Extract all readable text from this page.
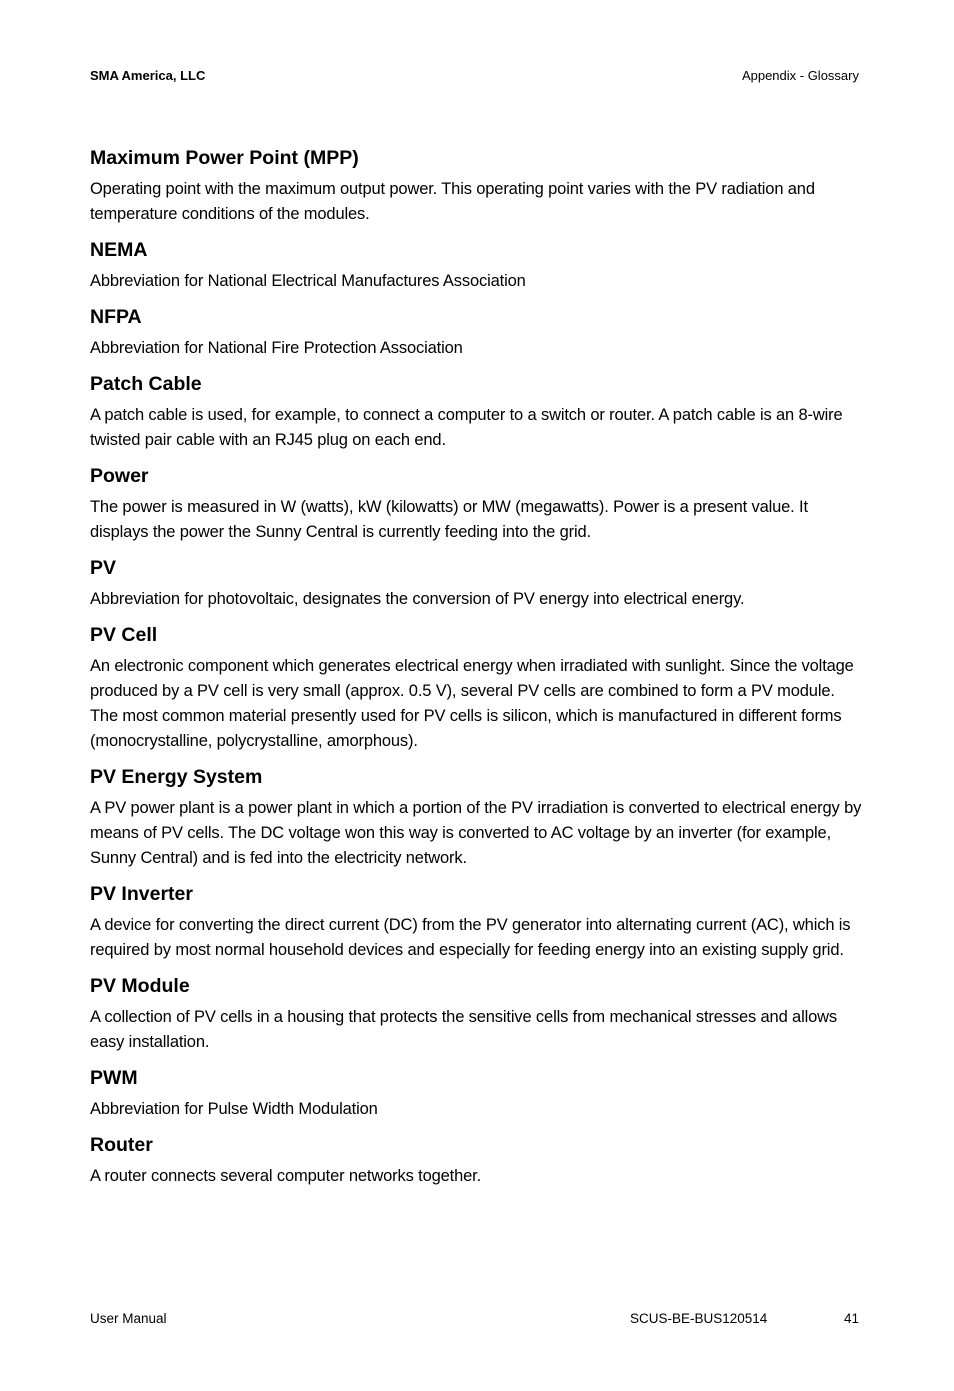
SMA America, LLC	Appendix - Glossary
Maximum Power Point (MPP)

Operating point with the maximum output power. This operating point varies with the PV radiation and temperature conditions of the modules.

NEMA

Abbreviation for National Electrical Manufactures Association

NFPA

Abbreviation for National Fire Protection Association

Patch Cable

A patch cable is used, for example, to connect a computer to a switch or router. A patch cable is an 8-wire twisted pair cable with an RJ45 plug on each end.

Power

The power is measured in W (watts), kW (kilowatts) or MW (megawatts). Power is a present value. It displays the power the Sunny Central is currently feeding into the grid.

PV

Abbreviation for photovoltaic, designates the conversion of PV energy into electrical energy.

PV Cell

An electronic component which generates electrical energy when irradiated with sunlight. Since the voltage produced by a PV cell is very small (approx. 0.5 V), several PV cells are combined to form a PV module. The most common material presently used for PV cells is silicon, which is manufactured in different forms (monocrystalline, polycrystalline, amorphous).

PV Energy System

A PV power plant is a power plant in which a portion of the PV irradiation is converted to electrical energy by means of PV cells. The DC voltage won this way is converted to AC voltage by an inverter (for example, Sunny Central) and is fed into the electricity network.

PV Inverter

A device for converting the direct current (DC) from the PV generator into alternating current (AC), which is required by most normal household devices and especially for feeding energy into an existing supply grid.

PV Module

A collection of PV cells in a housing that protects the sensitive cells from mechanical stresses and allows easy installation.

PWM

Abbreviation for Pulse Width Modulation

Router

A router connects several computer networks together.

User Manual	SCUS-BE-BUS120514	41
